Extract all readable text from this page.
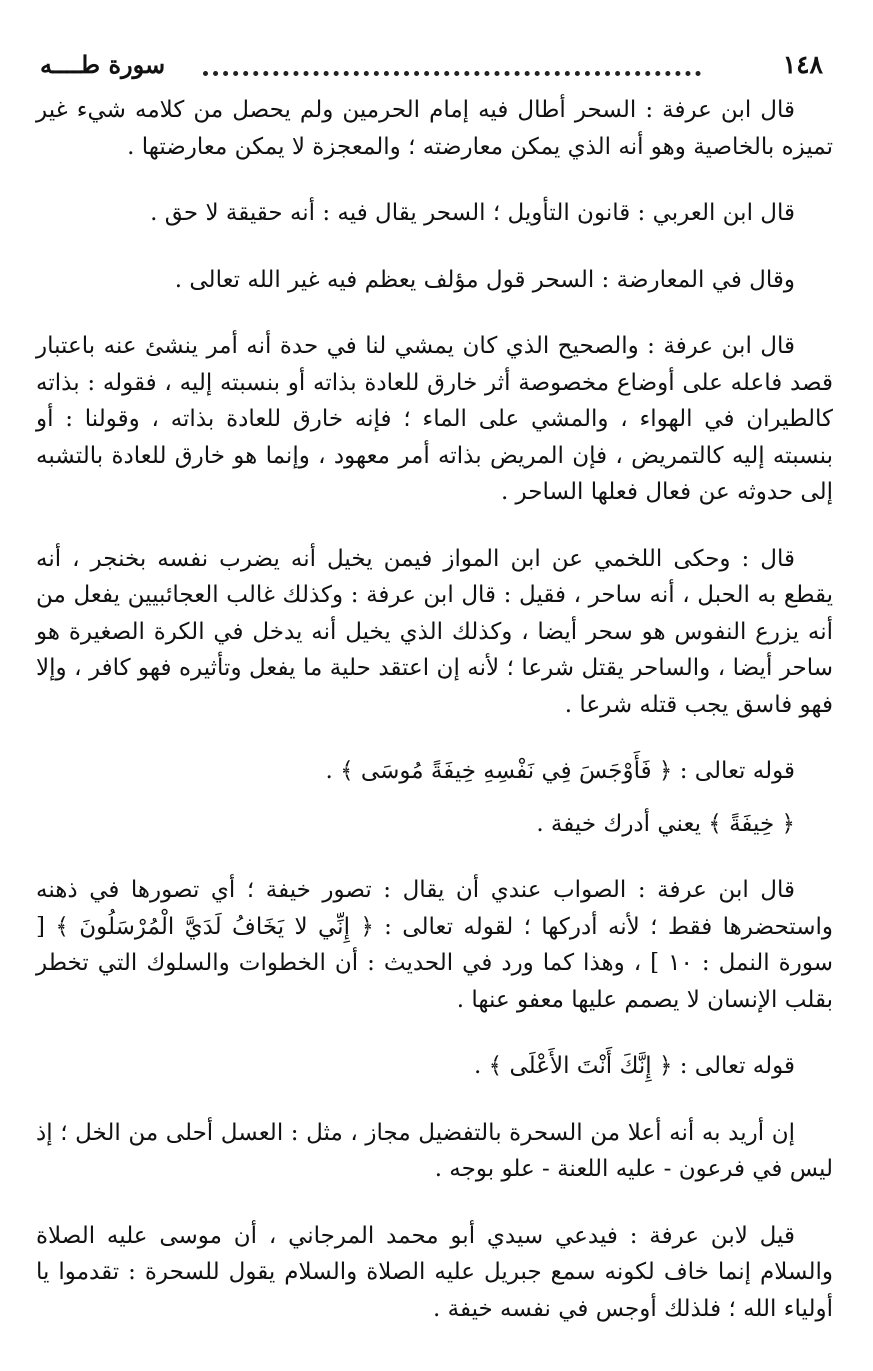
١٤٨
سورة طــــه

قال ابن عرفة : السحر أطال فيه إمام الحرمين ولم يحصل من كلامه شيء غير تميزه بالخاصية وهو أنه الذي يمكن معارضته ؛ والمعجزة لا يمكن معارضتها .

قال ابن العربي : قانون التأويل ؛ السحر يقال فيه : أنه حقيقة لا حق .

وقال في المعارضة : السحر قول مؤلف يعظم فيه غير الله تعالى .

قال ابن عرفة : والصحيح الذي كان يمشي لنا في حدة أنه أمر ينشئ عنه باعتبار قصد فاعله على أوضاع مخصوصة أثر خارق للعادة بذاته أو بنسبته إليه ، فقوله : بذاته كالطيران في الهواء ، والمشي على الماء ؛ فإنه خارق للعادة بذاته ، وقولنا : أو بنسبته إليه كالتمريض ، فإن المريض بذاته أمر معهود ، وإنما هو خارق للعادة بالتشبه إلى حدوثه عن فعال فعلها الساحر .

قال : وحكى اللخمي عن ابن المواز فيمن يخيل أنه يضرب نفسه بخنجر ، أنه يقطع به الحبل ، أنه ساحر ، فقيل : قال ابن عرفة : وكذلك غالب العجائبيين يفعل من أنه يزرع النفوس هو سحر أيضا ، وكذلك الذي يخيل أنه يدخل في الكرة الصغيرة هو ساحر أيضا ، والساحر يقتل شرعا ؛ لأنه إن اعتقد حلية ما يفعل وتأثيره فهو كافر ، وإلا فهو فاسق يجب قتله شرعا .

قوله تعالى : ﴿ فَأَوْجَسَ فِي نَفْسِهِ خِيفَةً مُوسَى ﴾ .

﴿ خِيفَةً ﴾ يعني أدرك خيفة .

قال ابن عرفة : الصواب عندي أن يقال : تصور خيفة ؛ أي تصورها في ذهنه واستحضرها فقط ؛ لأنه أدركها ؛ لقوله تعالى : ﴿ إِنِّي لا يَخَافُ لَدَيَّ الْمُرْسَلُونَ ﴾ [ سورة النمل : ١٠ ] ، وهذا كما ورد في الحديث : أن الخطوات والسلوك التي تخطر بقلب الإنسان لا يصمم عليها معفو عنها .

قوله تعالى : ﴿ إِنَّكَ أَنْتَ الأَعْلَى ﴾ .

إن أريد به أنه أعلا من السحرة بالتفضيل مجاز ، مثل : العسل أحلى من الخل ؛ إذ ليس في فرعون - عليه اللعنة - علو بوجه .

قيل لابن عرفة : فيدعي سيدي أبو محمد المرجاني ، أن موسى عليه الصلاة والسلام إنما خاف لكونه سمع جبريل عليه الصلاة والسلام يقول للسحرة : تقدموا يا أولياء الله ؛ فلذلك أوجس في نفسه خيفة .
